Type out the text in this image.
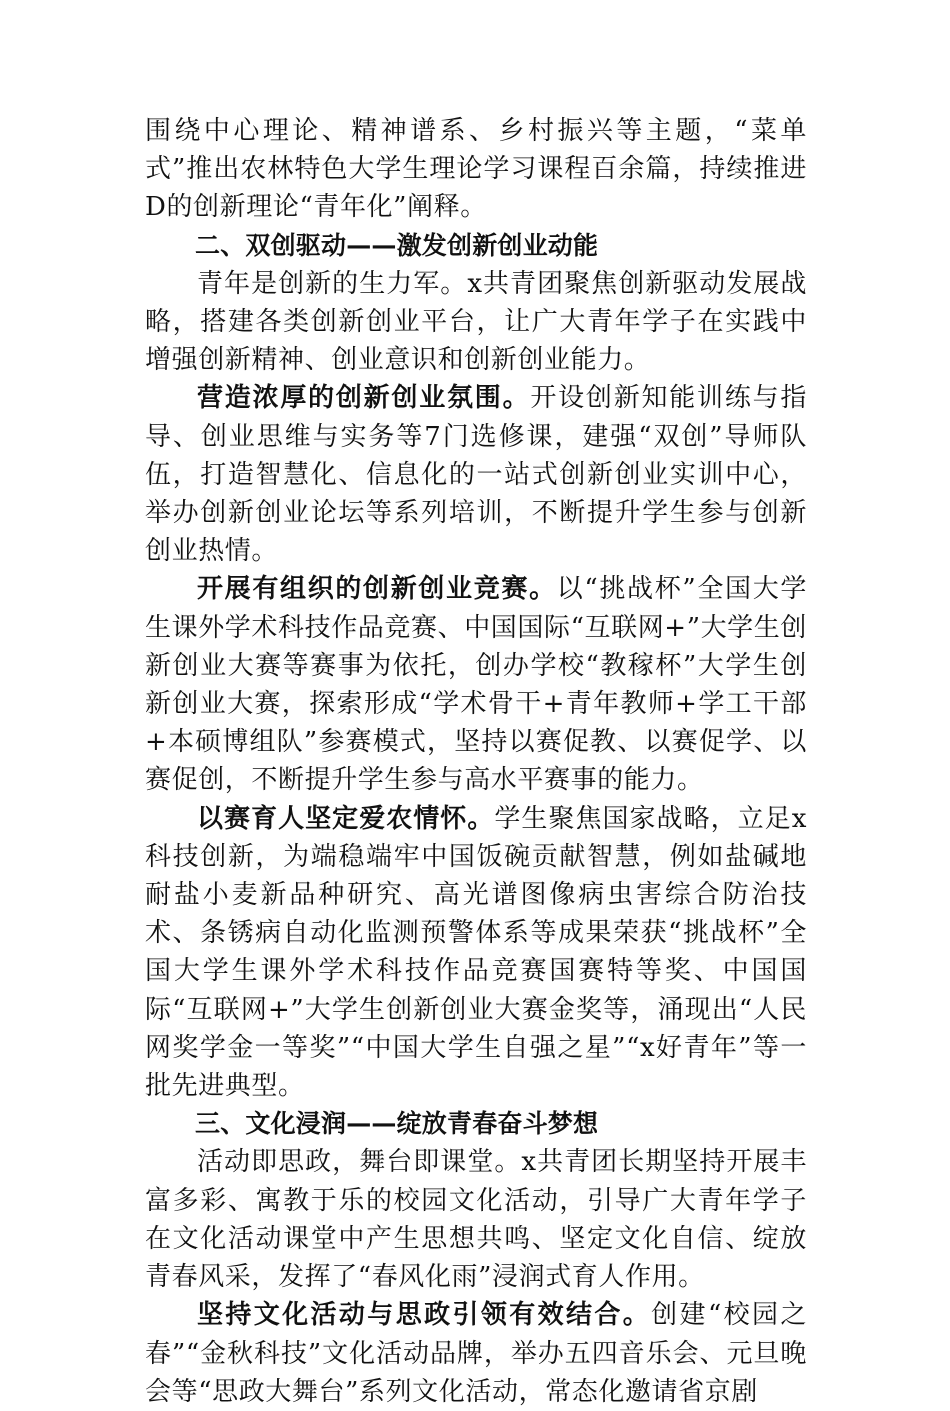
围绕中心理论、精神谱系、乡村振兴等主题，“菜单式”推出农林特色大学生理论学习课程百余篇，持续推进D的创新理论“青年化”阐释。

二、双创驱动——激发创新创业动能

青年是创新的生力军。x共青团聚焦创新驱动发展战略，搭建各类创新创业平台，让广大青年学子在实践中增强创新精神、创业意识和创新创业能力。

营造浓厚的创新创业氛围。开设创新知能训练与指导、创业思维与实务等7门选修课，建强“双创”导师队伍，打造智慧化、信息化的一站式创新创业实训中心，举办创新创业论坛等系列培训，不断提升学生参与创新创业热情。

开展有组织的创新创业竞赛。以“挑战杯”全国大学生课外学术科技作品竞赛、中国国际“互联网+”大学生创新创业大赛等赛事为依托，创办学校“教稼杯”大学生创新创业大赛，探索形成“学术骨干+青年教师+学工干部+本硕博组队”参赛模式，坚持以赛促教、以赛促学、以赛促创，不断提升学生参与高水平赛事的能力。

以赛育人坚定爱农情怀。学生聚焦国家战略，立足x科技创新，为端稳端牢中国饭碗贡献智慧，例如盐碱地耐盐小麦新品种研究、高光谱图像病虫害综合防治技术、条锈病自动化监测预警体系等成果荣获“挑战杯”全国大学生课外学术科技作品竞赛国赛特等奖、中国国际“互联网+”大学生创新创业大赛金奖等，涌现出“人民网奖学金一等奖”“中国大学生自强之星”“x好青年”等一批先进典型。

三、文化浸润——绽放青春奋斗梦想

活动即思政，舞台即课堂。x共青团长期坚持开展丰富多彩、寓教于乐的校园文化活动，引导广大青年学子在文化活动课堂中产生思想共鸣、坚定文化自信、绽放青春风采，发挥了“春风化雨”浸润式育人作用。

坚持文化活动与思政引领有效结合。创建“校园之春”“金秋科技”文化活动品牌，举办五四音乐会、元旦晚会等“思政大舞台”系列文化活动，常态化邀请省京剧
